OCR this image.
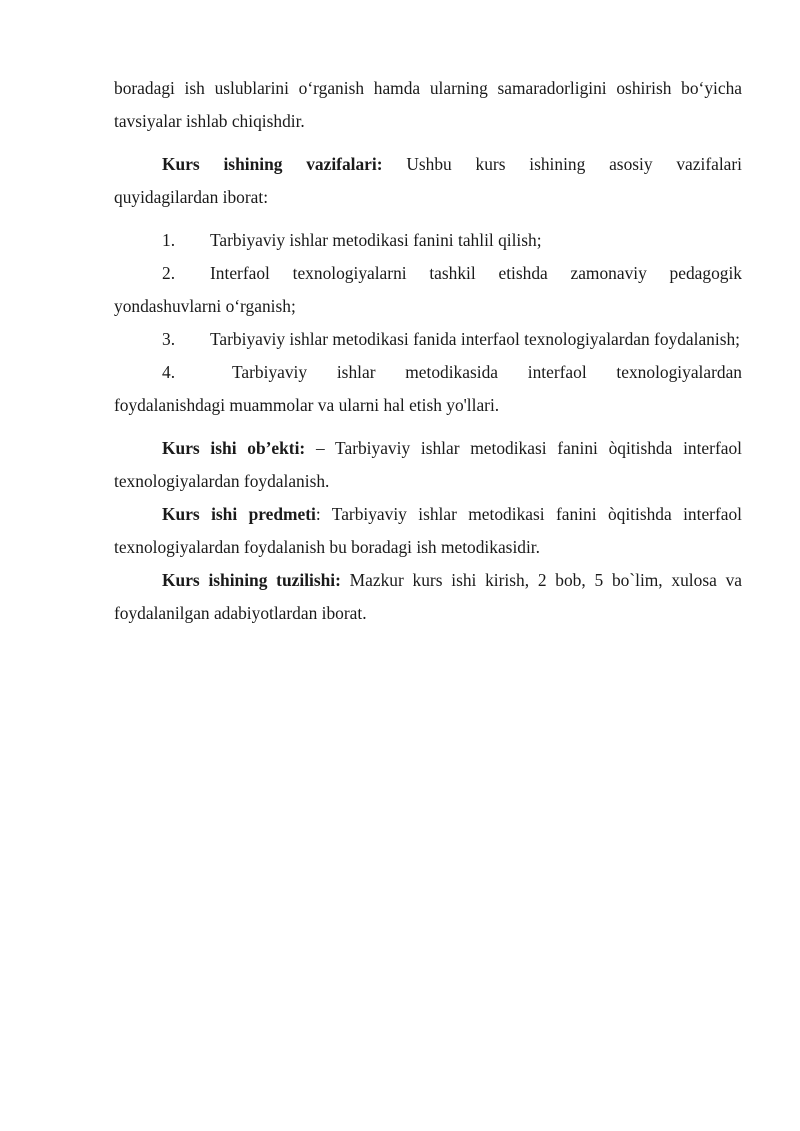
boradagi ish uslublarini o‘rganish hamda ularning samaradorligini oshirish bo‘yicha

tavsiyalar ishlab chiqishdir.

Kurs ishining vazifalari: Ushbu kurs ishining asosiy vazifalari

quyidagilardan iborat:

1. Tarbiyaviy ishlar metodikasi fanini tahlil qilish;

2. Interfaol texnologiyalarni tashkil etishda zamonaviy pedagogik yondashuvlarni o‘rganish;

3. Tarbiyaviy ishlar metodikasi fanida interfaol texnologiyalardan foydalanish;

4.	Tarbiyaviy ishlar metodikasida interfaol texnologiyalardan foydalanishdagi muammolar va ularni hal etish yo'llari.

Kurs ishi ob’ekti: – Tarbiyaviy ishlar metodikasi fanini òqitishda interfaol texnologiyalardan foydalanish.

Kurs ishi predmeti: Tarbiyaviy ishlar metodikasi fanini òqitishda interfaol texnologiyalardan foydalanish bu boradagi ish metodikasidir.

Kurs ishining tuzilishi: Mazkur kurs ishi kirish, 2 bob, 5 bo`lim, xulosa va foydalanilgan adabiyotlardan iborat.
